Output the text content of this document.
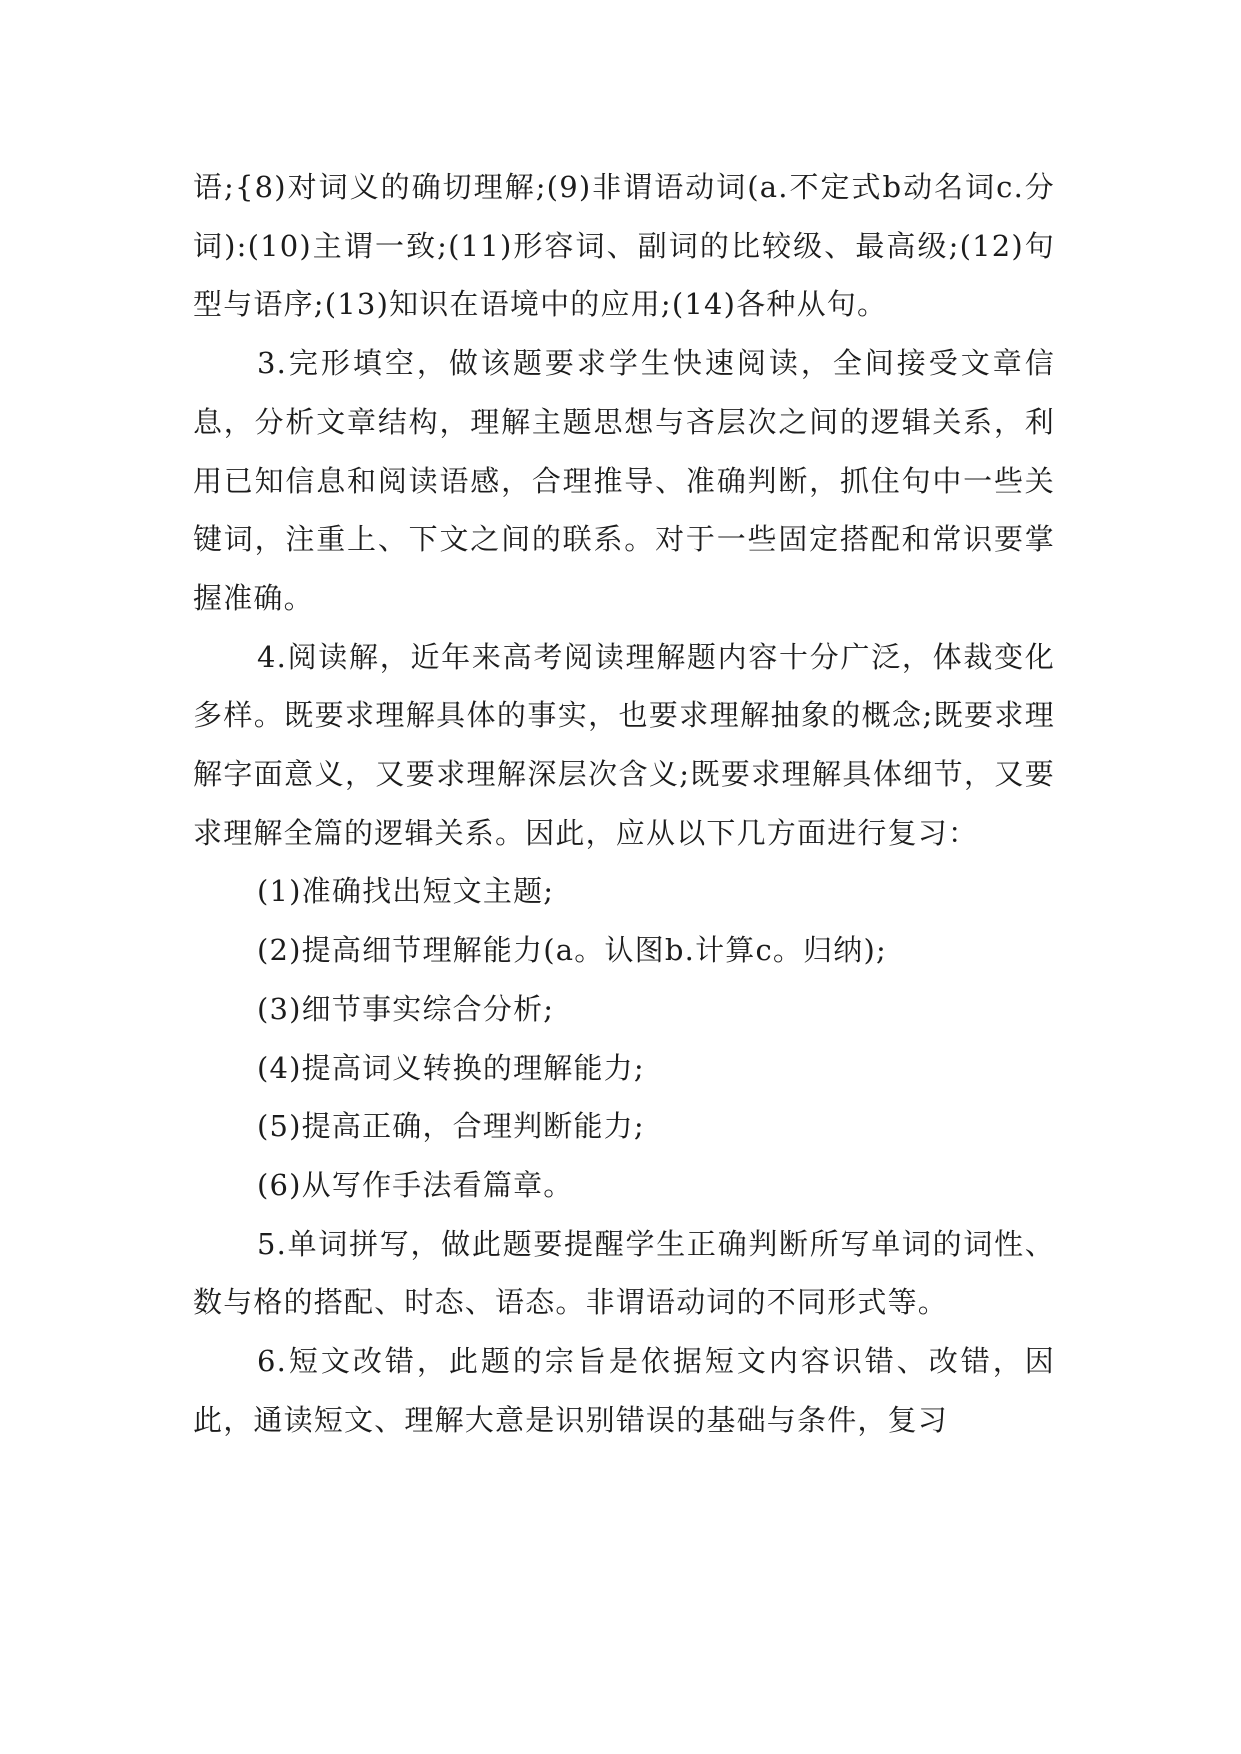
语;{8)对词义的确切理解;(9)非谓语动词(a.不定式b动名词c.分词):(10)主谓一致;(11)形容词、副词的比较级、最高级;(12)句型与语序;(13)知识在语境中的应用;(14)各种从句。

3.完形填空，做该题要求学生快速阅读，全间接受文章信息，分析文章结构，理解主题思想与吝层次之间的逻辑关系，利用已知信息和阅读语感，合理推导、准确判断，抓住句中一些关键词，注重上、下文之间的联系。对于一些固定搭配和常识要掌握准确。

4.阅读解，近年来高考阅读理解题内容十分广泛，体裁变化多样。既要求理解具体的事实，也要求理解抽象的概念;既要求理解字面意义，又要求理解深层次含义;既要求理解具体细节，又要求理解全篇的逻辑关系。因此，应从以下几方面进行复习：

(1)准确找出短文主题;

(2)提高细节理解能力(a。认图b.计算c。归纳);

(3)细节事实综合分析;

(4)提高词义转换的理解能力;

(5)提高正确，合理判断能力;

(6)从写作手法看篇章。

5.单词拼写，做此题要提醒学生正确判断所写单词的词性、数与格的搭配、时态、语态。非谓语动词的不同形式等。

6.短文改错，此题的宗旨是依据短文内容识错、改错，因此，通读短文、理解大意是识别错误的基础与条件，复习
